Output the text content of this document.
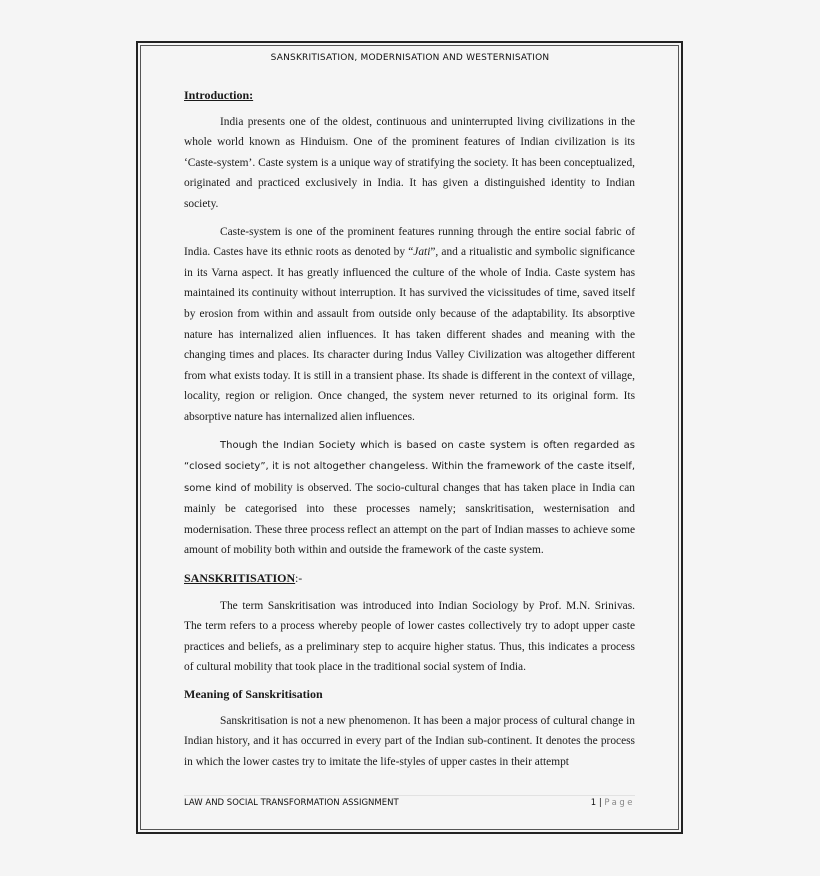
SANSKRITISATION, MODERNISATION AND WESTERNISATION
Introduction:

India presents one of the oldest, continuous and uninterrupted living civilizations in the whole world known as Hinduism. One of the prominent features of Indian civilization is its ‘Caste-system’. Caste system is a unique way of stratifying the society. It has been conceptualized, originated and practiced exclusively in India. It has given a distinguished identity to Indian society.

Caste-system is one of the prominent features running through the entire social fabric of India. Castes have its ethnic roots as denoted by “Jati”, and a ritualistic and symbolic significance in its Varna aspect. It has greatly influenced the culture of the whole of India. Caste system has maintained its continuity without interruption. It has survived the vicissitudes of time, saved itself by erosion from within and assault from outside only because of the adaptability. Its absorptive nature has internalized alien influences. It has taken different shades and meaning with the changing times and places. Its character during Indus Valley Civilization was altogether different from what exists today. It is still in a transient phase. Its shade is different in the context of village, locality, region or religion. Once changed, the system never returned to its original form. Its absorptive nature has internalized alien influences.

Though the Indian Society which is based on caste system is often regarded as “closed society”, it is not altogether changeless. Within the framework of the caste itself, some kind of mobility is observed. The socio-cultural changes that has taken place in India can mainly be categorised into these processes namely; sanskritisation, westernisation and modernisation. These three process reflect an attempt on the part of Indian masses to achieve some amount of mobility both within and outside the framework of the caste system.

SANSKRITISATION:-

The term Sanskritisation was introduced into Indian Sociology by Prof. M.N. Srinivas. The term refers to a process whereby people of lower castes collectively try to adopt upper caste practices and beliefs, as a preliminary step to acquire higher status. Thus, this indicates a process of cultural mobility that took place in the traditional social system of India.

Meaning of Sanskritisation

Sanskritisation is not a new phenomenon. It has been a major process of cultural change in Indian history, and it has occurred in every part of the Indian sub-continent. It denotes the process in which the lower castes try to imitate the life-styles of upper castes in their attempt

LAW AND SOCIAL TRANSFORMATION ASSIGNMENT	1 | Page
